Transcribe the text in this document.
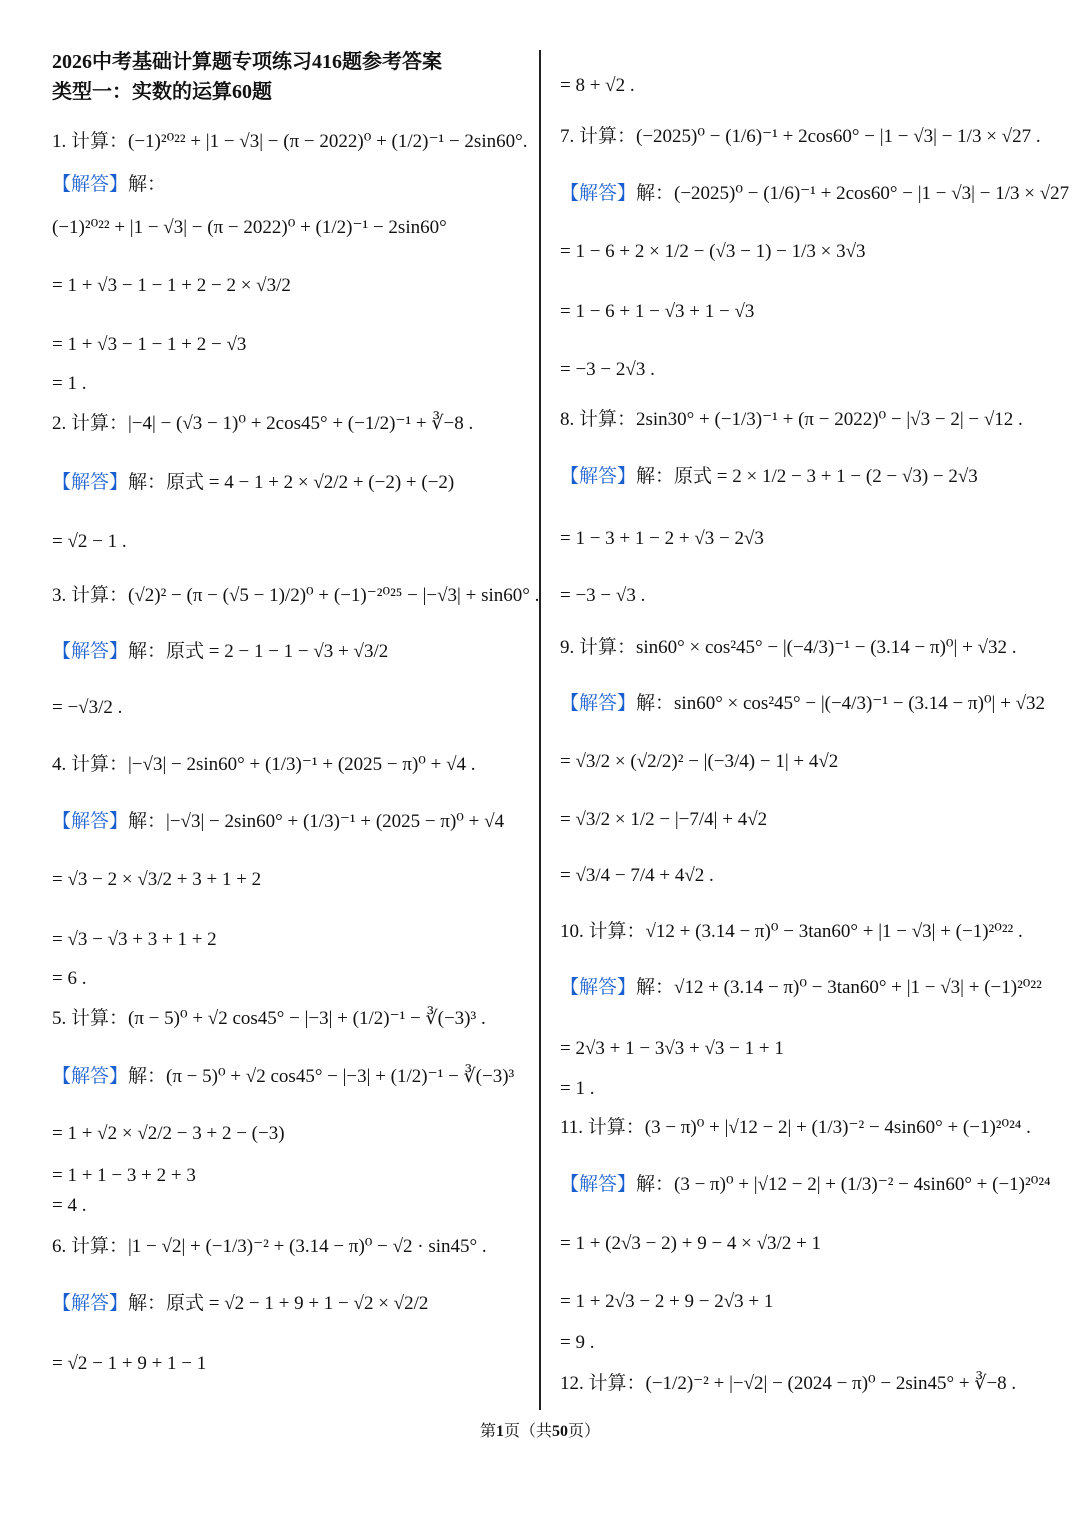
2026中考基础计算题专项练习416题参考答案
类型一：实数的运算60题
1. 计算：(−1)²⁰²² + |1 − √3| − (π − 2022)⁰ + (1/2)⁻¹ − 2sin60°.
【解答】解：
(−1)²⁰²² + |1 − √3| − (π − 2022)⁰ + (1/2)⁻¹ − 2sin60°
= 1 + √3 − 1 − 1 + 2 − 2 × √3/2
= 1 + √3 − 1 − 1 + 2 − √3
= 1 .
2. 计算：|−4| − (√3 − 1)⁰ + 2cos45° + (−1/2)⁻¹ + ∛−8 .
【解答】解：原式 = 4 − 1 + 2 × √2/2 + (−2) + (−2)
= √2 − 1 .
3. 计算：(√2)² − (π − (√5 − 1)/2)⁰ + (−1)⁻²⁰²⁵ − |−√3| + sin60° .
【解答】解：原式 = 2 − 1 − 1 − √3 + √3/2
= −√3/2 .
4. 计算：|−√3| − 2sin60° + (1/3)⁻¹ + (2025 − π)⁰ + √4 .
【解答】解：|−√3| − 2sin60° + (1/3)⁻¹ + (2025 − π)⁰ + √4
= √3 − 2 × √3/2 + 3 + 1 + 2
= √3 − √3 + 3 + 1 + 2
= 6 .
5. 计算：(π − 5)⁰ + √2 cos45° − |−3| + (1/2)⁻¹ − ∛(−3)³ .
【解答】解：(π − 5)⁰ + √2 cos45° − |−3| + (1/2)⁻¹ − ∛(−3)³
= 1 + √2 × √2/2 − 3 + 2 − (−3)
= 1 + 1 − 3 + 2 + 3
= 4 .
6. 计算：|1 − √2| + (−1/3)⁻² + (3.14 − π)⁰ − √2 · sin45° .
【解答】解：原式 = √2 − 1 + 9 + 1 − √2 × √2/2
= √2 − 1 + 9 + 1 − 1
= 8 + √2 .
7. 计算：(−2025)⁰ − (1/6)⁻¹ + 2cos60° − |1 − √3| − 1/3 × √27 .
【解答】解：(−2025)⁰ − (1/6)⁻¹ + 2cos60° − |1 − √3| − 1/3 × √27
= 1 − 6 + 2 × 1/2 − (√3 − 1) − 1/3 × 3√3
= 1 − 6 + 1 − √3 + 1 − √3
= −3 − 2√3 .
8. 计算：2sin30° + (−1/3)⁻¹ + (π − 2022)⁰ − |√3 − 2| − √12 .
【解答】解：原式 = 2 × 1/2 − 3 + 1 − (2 − √3) − 2√3
= 1 − 3 + 1 − 2 + √3 − 2√3
= −3 − √3 .
9. 计算：sin60° × cos²45° − |(−4/3)⁻¹ − (3.14 − π)⁰| + √32 .
【解答】解：sin60° × cos²45° − |(−4/3)⁻¹ − (3.14 − π)⁰| + √32
= √3/2 × (√2/2)² − |(−3/4) − 1| + 4√2
= √3/2 × 1/2 − |−7/4| + 4√2
= √3/4 − 7/4 + 4√2 .
10. 计算：√12 + (3.14 − π)⁰ − 3tan60° + |1 − √3| + (−1)²⁰²² .
【解答】解：√12 + (3.14 − π)⁰ − 3tan60° + |1 − √3| + (−1)²⁰²²
= 2√3 + 1 − 3√3 + √3 − 1 + 1
= 1 .
11. 计算：(3 − π)⁰ + |√12 − 2| + (1/3)⁻² − 4sin60° + (−1)²⁰²⁴ .
【解答】解：(3 − π)⁰ + |√12 − 2| + (1/3)⁻² − 4sin60° + (−1)²⁰²⁴
= 1 + (2√3 − 2) + 9 − 4 × √3/2 + 1
= 1 + 2√3 − 2 + 9 − 2√3 + 1
= 9 .
12. 计算：(−1/2)⁻² + |−√2| − (2024 − π)⁰ − 2sin45° + ∛−8 .
第1页（共50页）
